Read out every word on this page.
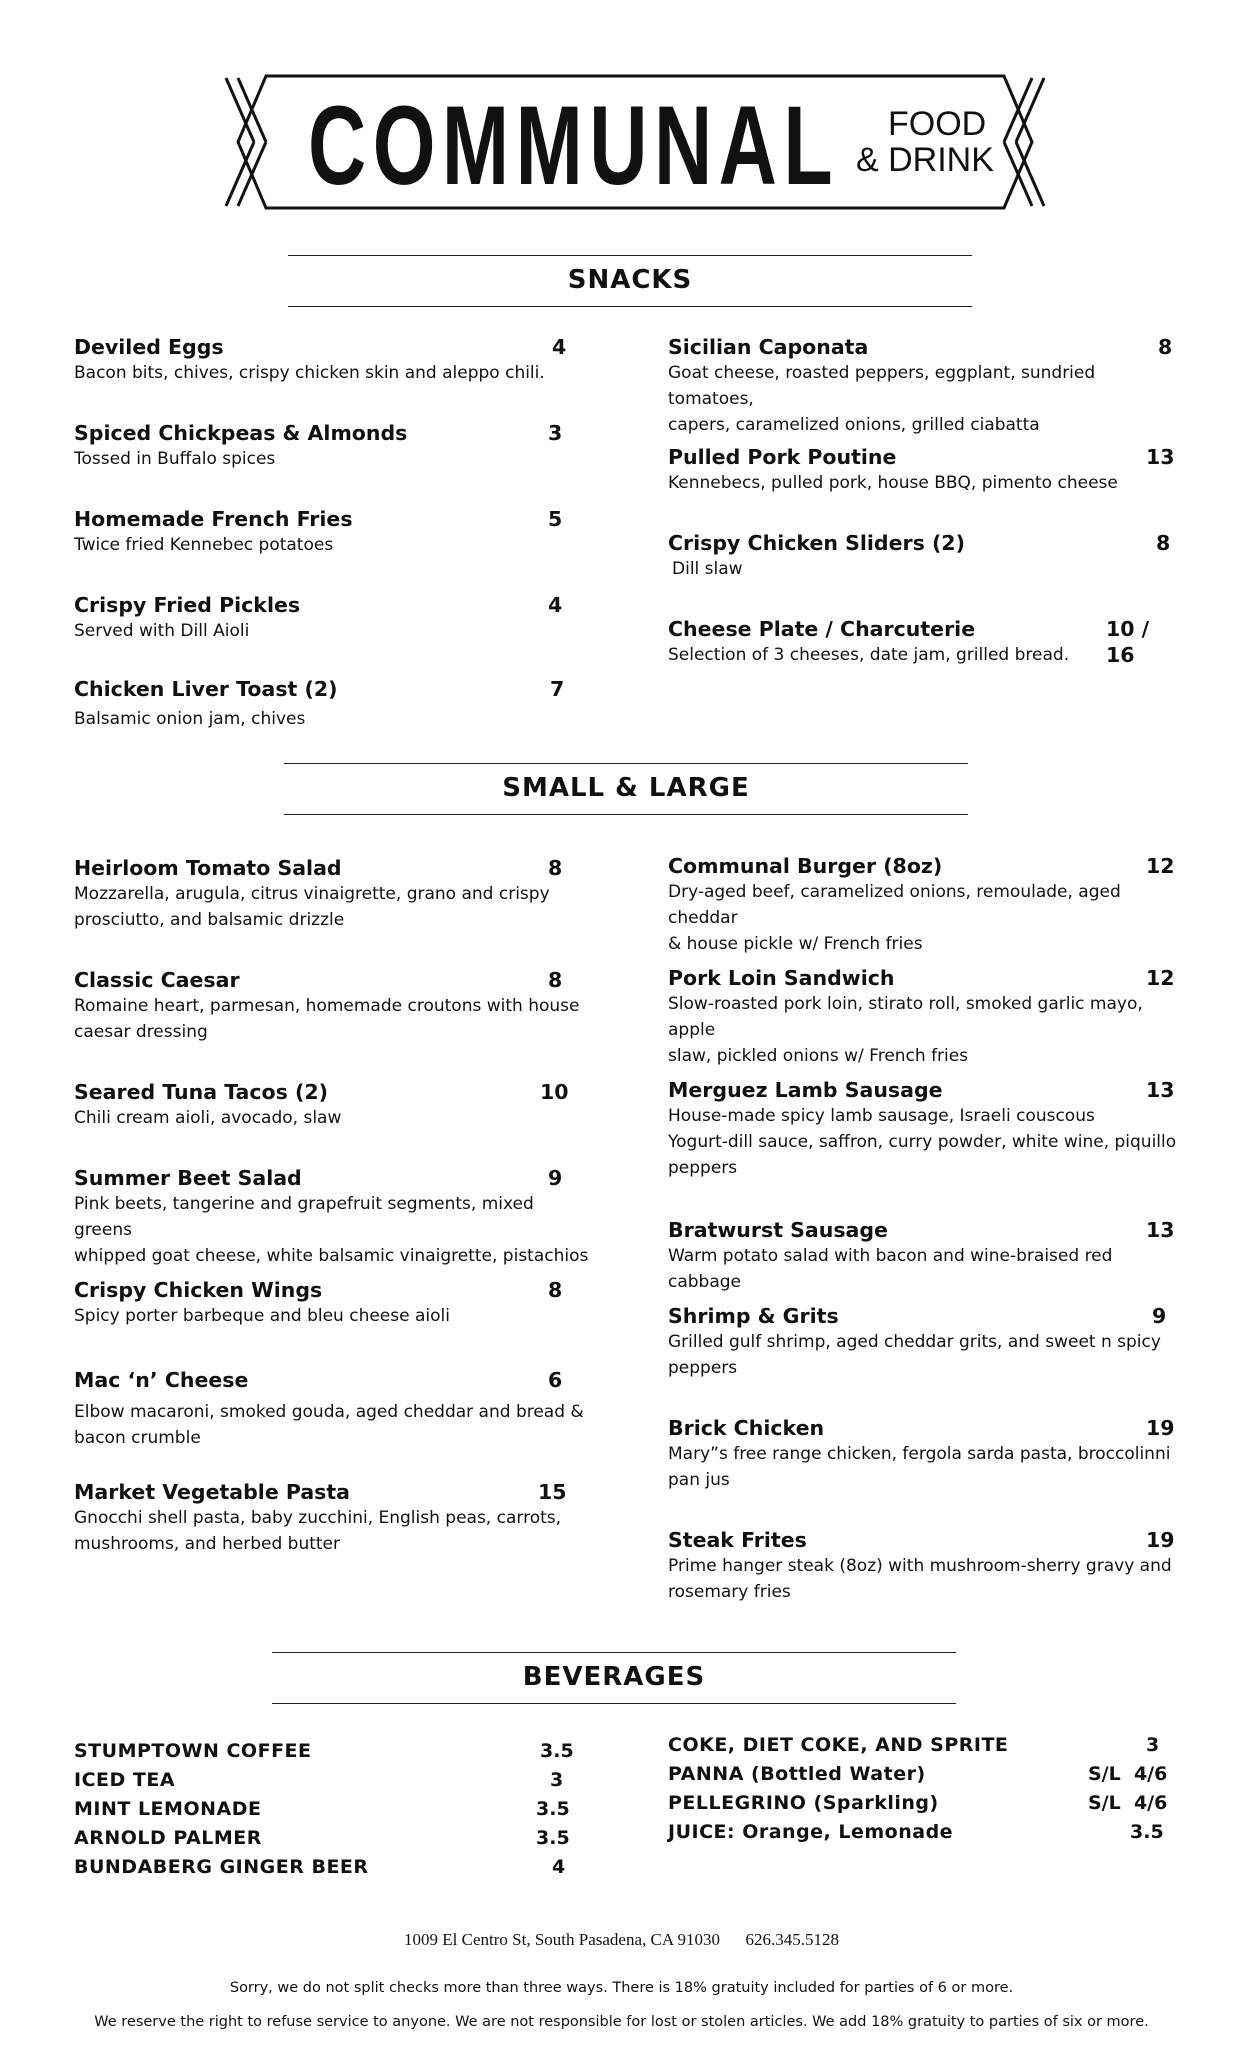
COMMUNAL	FOOD
& DRINK
SNACKS
Deviled Eggs	4
Bacon bits, chives, crispy chicken skin and aleppo chili.
Spiced Chickpeas & Almonds	3
Tossed in Buffalo spices
Homemade French Fries	5
Twice fried Kennebec potatoes
Crispy Fried Pickles	4
Served with Dill Aioli
Chicken Liver Toast (2)	7
Balsamic onion jam, chives
Sicilian Caponata	8
Goat cheese, roasted peppers, eggplant, sundried tomatoes,
capers, caramelized onions, grilled ciabatta
Pulled Pork Poutine	13
Kennebecs, pulled pork, house BBQ, pimento cheese
Crispy Chicken Sliders (2)	8
Dill slaw
Cheese Plate / Charcuterie	10 / 16
Selection of 3 cheeses, date jam, grilled bread.
SMALL & LARGE
Heirloom Tomato Salad	8
Mozzarella, arugula, citrus vinaigrette, grano and crispy
prosciutto, and balsamic drizzle
Classic Caesar	8
Romaine heart, parmesan, homemade croutons with house
caesar dressing
Seared Tuna Tacos (2)	10
Chili cream aioli, avocado, slaw
Summer Beet Salad	9
Pink beets, tangerine and grapefruit segments, mixed greens
whipped goat cheese, white balsamic vinaigrette, pistachios
Crispy Chicken Wings	8
Spicy porter barbeque and bleu cheese aioli
Mac ‘n’ Cheese	6
Elbow macaroni, smoked gouda, aged cheddar and bread &
bacon crumble
Market Vegetable Pasta	15
Gnocchi shell pasta, baby zucchini, English peas, carrots,
mushrooms, and herbed butter
Communal Burger (8oz)	12
Dry-aged beef, caramelized onions, remoulade, aged cheddar
& house pickle w/ French fries
Pork Loin Sandwich	12
Slow-roasted pork loin, stirato roll, smoked garlic mayo, apple
slaw, pickled onions w/ French fries
Merguez Lamb Sausage	13
House-made spicy lamb sausage, Israeli couscous
Yogurt-dill sauce, saffron, curry powder, white wine, piquillo
peppers
Bratwurst Sausage	13
Warm potato salad with bacon and wine-braised red cabbage
Shrimp & Grits	9
Grilled gulf shrimp, aged cheddar grits, and sweet n spicy
peppers
Brick Chicken	19
Mary”s free range chicken, fergola sarda pasta, broccolinni
pan jus
Steak Frites	19
Prime hanger steak (8oz) with mushroom-sherry gravy and
rosemary fries
BEVERAGES
STUMPTOWN COFFEE	3.5
ICED TEA	3
MINT LEMONADE	3.5
ARNOLD PALMER	3.5
BUNDABERG GINGER BEER	4
COKE, DIET COKE, AND SPRITE	3
PANNA (Bottled Water)	S/L  4/6
PELLEGRINO (Sparkling)	S/L  4/6
JUICE: Orange, Lemonade	3.5
1009 El Centro St, South Pasadena, CA 91030      626.345.5128
Sorry, we do not split checks more than three ways. There is 18% gratuity included for parties of 6 or more.
We reserve the right to refuse service to anyone. We are not responsible for lost or stolen articles. We add 18% gratuity to parties of six or more.
